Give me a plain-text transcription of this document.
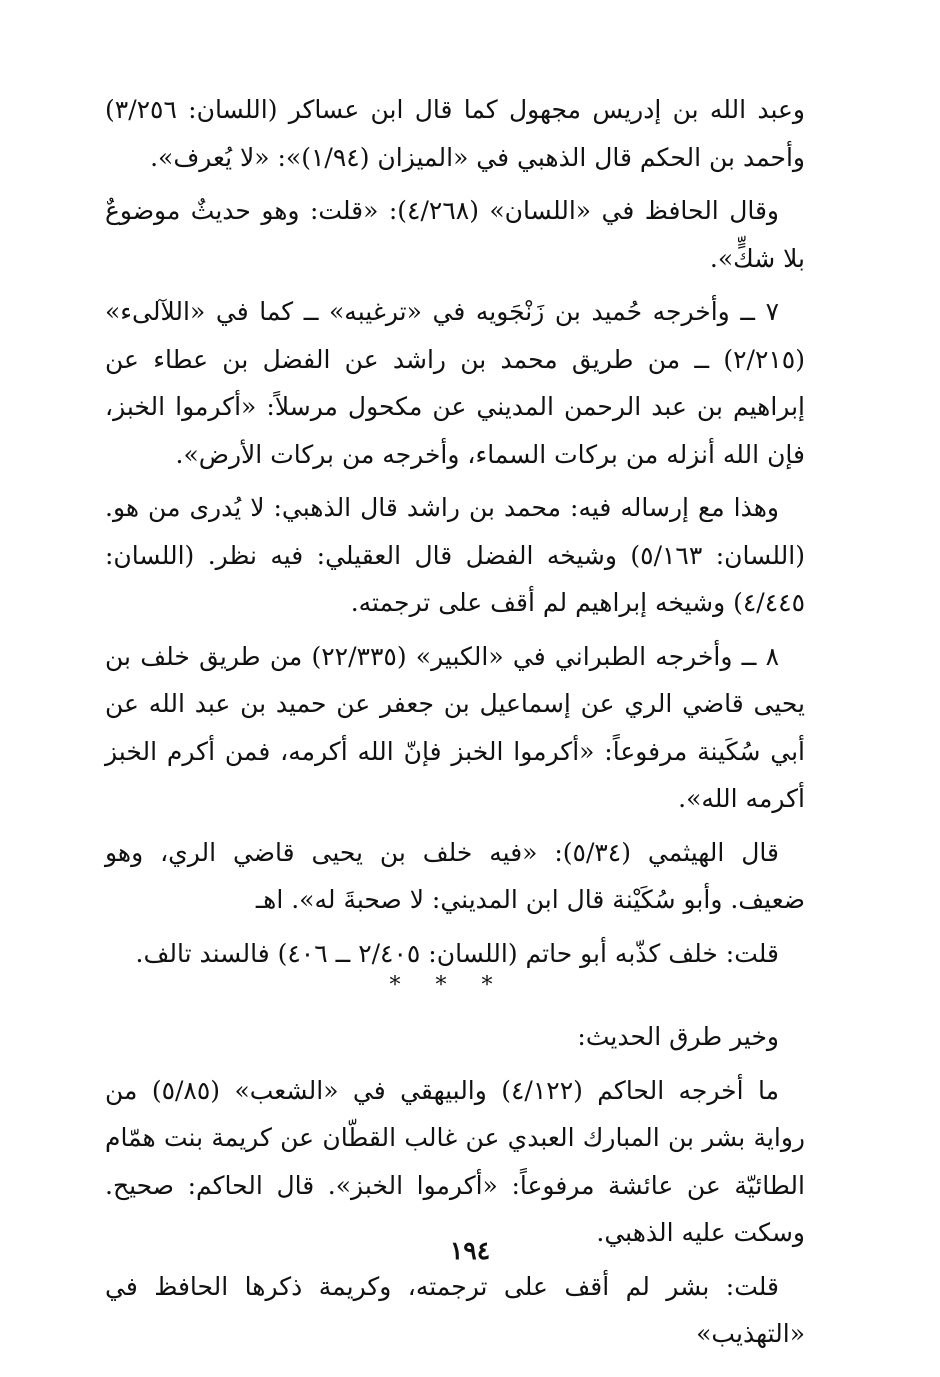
وعبد الله بن إدريس مجهول كما قال ابن عساكر (اللسان: ٣/٢٥٦) وأحمد بن الحكم قال الذهبي في «الميزان (١/٩٤)»: «لا يُعرف».

وقال الحافظ في «اللسان» (٤/٢٦٨): «قلت: وهو حديثٌ موضوعٌ بلا شكٍّ».

٧ ــ وأخرجه حُميد بن زَنْجَويه في «ترغيبه» ــ كما في «اللآلىء» (٢/٢١٥) ــ من طريق محمد بن راشد عن الفضل بن عطاء عن إبراهيم بن عبد الرحمن المديني عن مكحول مرسلاً: «أكرموا الخبز، فإن الله أنزله من بركات السماء، وأخرجه من بركات الأرض».

وهذا مع إرساله فيه: محمد بن راشد قال الذهبي: لا يُدرى من هو. (اللسان: ٥/١٦٣) وشيخه الفضل قال العقيلي: فيه نظر. (اللسان: ٤/٤٤٥) وشيخه إبراهيم لم أقف على ترجمته.

٨ ــ وأخرجه الطبراني في «الكبير» (٢٢/٣٣٥) من طريق خلف بن يحيى قاضي الري عن إسماعيل بن جعفر عن حميد بن عبد الله عن أبي سُكَينة مرفوعاً: «أكرموا الخبز فإنّ الله أكرمه، فمن أكرم الخبز أكرمه الله».

قال الهيثمي (٥/٣٤): «فيه خلف بن يحيى قاضي الري، وهو ضعيف. وأبو سُكَيْنة قال ابن المديني: لا صحبةَ له». اهـ

قلت: خلف كذّبه أبو حاتم (اللسان: ٢/٤٠٥ ــ ٤٠٦) فالسند تالف.

* * *

وخير طرق الحديث:

ما أخرجه الحاكم (٤/١٢٢) والبيهقي في «الشعب» (٥/٨٥) من رواية بشر بن المبارك العبدي عن غالب القطّان عن كريمة بنت همّام الطائيّة عن عائشة مرفوعاً: «أكرموا الخبز». قال الحاكم: صحيح. وسكت عليه الذهبي.

قلت: بشر لم أقف على ترجمته، وكريمة ذكرها الحافظ في «التهذيب»

١٩٤
